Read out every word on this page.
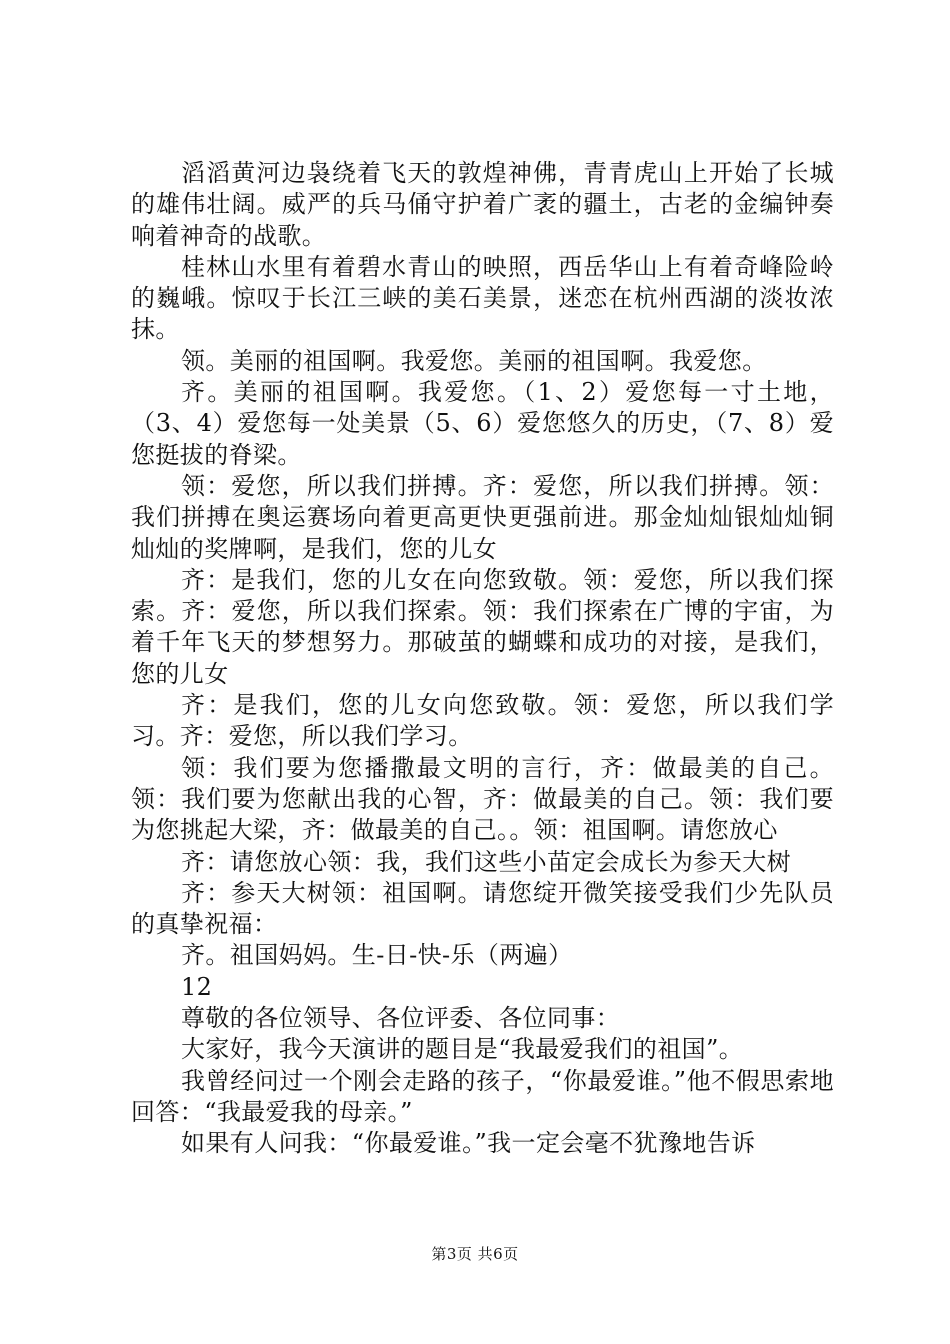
滔滔黄河边袅绕着飞天的敦煌神佛，青青虎山上开始了长城的雄伟壮阔。威严的兵马俑守护着广袤的疆土，古老的金编钟奏响着神奇的战歌。

桂林山水里有着碧水青山的映照，西岳华山上有着奇峰险岭的巍峨。惊叹于长江三峡的美石美景，迷恋在杭州西湖的淡妆浓抹。

领。美丽的祖国啊。我爱您。美丽的祖国啊。我爱您。

齐。美丽的祖国啊。我爱您。（1、2）爱您每一寸土地，（3、4）爱您每一处美景（5、6）爱您悠久的历史，（7、8）爱您挺拔的脊梁。

领：爱您，所以我们拼搏。齐：爱您，所以我们拼搏。领：我们拼搏在奥运赛场向着更高更快更强前进。那金灿灿银灿灿铜灿灿的奖牌啊，是我们，您的儿女

齐：是我们，您的儿女在向您致敬。领：爱您，所以我们探索。齐：爱您，所以我们探索。领：我们探索在广博的宇宙，为着千年飞天的梦想努力。那破茧的蝴蝶和成功的对接，是我们，您的儿女

齐：是我们，您的儿女向您致敬。领：爱您，所以我们学习。齐：爱您，所以我们学习。

领：我们要为您播撒最文明的言行，齐：做最美的自己。领：我们要为您献出我的心智，齐：做最美的自己。领：我们要为您挑起大梁，齐：做最美的自己。。领：祖国啊。请您放心

齐：请您放心领：我，我们这些小苗定会成长为参天大树

齐：参天大树领：祖国啊。请您绽开微笑接受我们少先队员的真挚祝福：

齐。祖国妈妈。生-日-快-乐（两遍）

12

尊敬的各位领导、各位评委、各位同事：

大家好，我今天演讲的题目是“我最爱我们的祖国”。

我曾经问过一个刚会走路的孩子，“你最爱谁。”他不假思索地回答：“我最爱我的母亲。”

如果有人问我：“你最爱谁。”我一定会毫不犹豫地告诉

第3页 共6页
